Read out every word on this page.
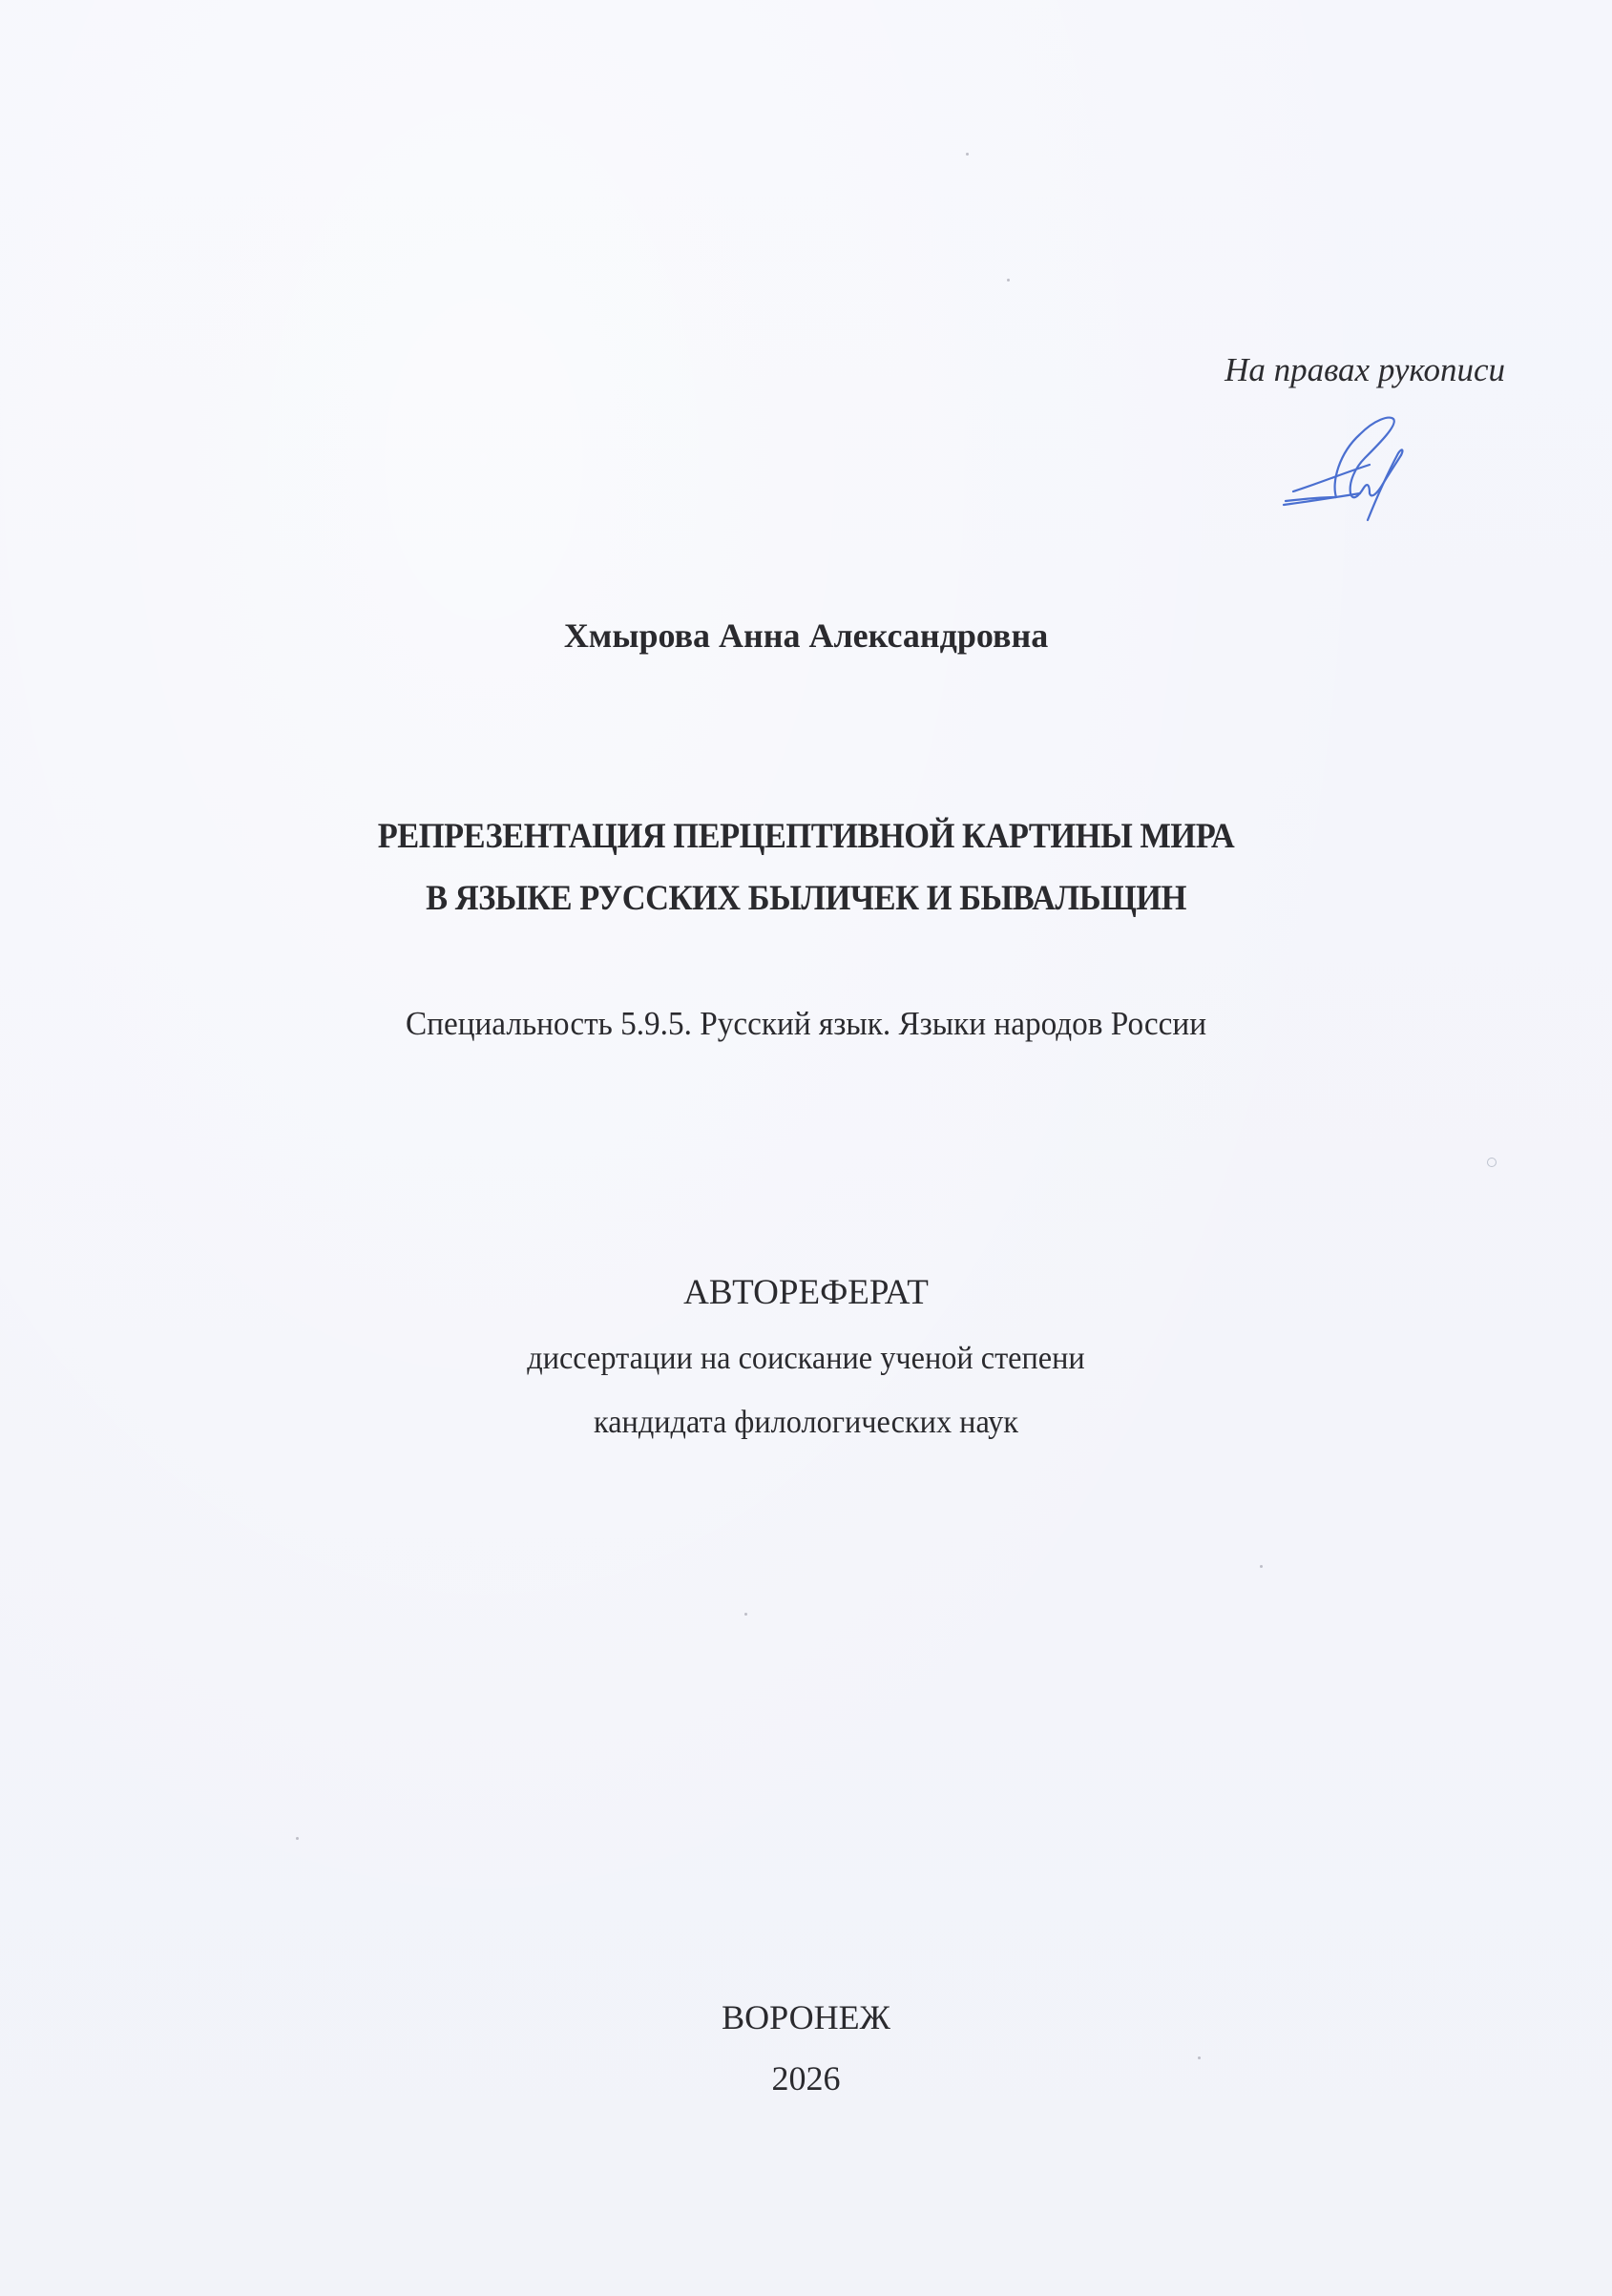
На правах рукописи
Хмырова Анна Александровна
РЕПРЕЗЕНТАЦИЯ ПЕРЦЕПТИВНОЙ КАРТИНЫ МИРА
В ЯЗЫКЕ РУССКИХ БЫЛИЧЕК И БЫВАЛЬЩИН
Специальность 5.9.5. Русский язык. Языки народов России
АВТОРЕФЕРАТ
диссертации на соискание ученой степени
кандидата филологических наук
ВОРОНЕЖ
2026
